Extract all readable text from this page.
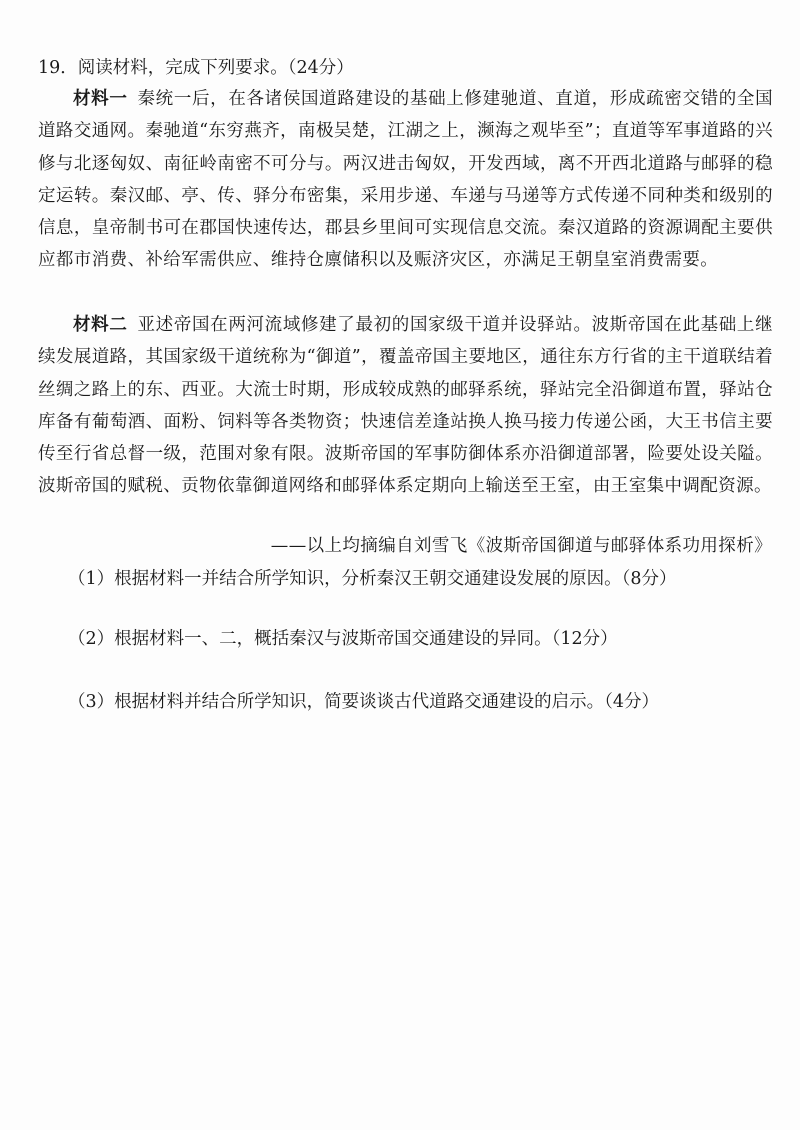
19．阅读材料，完成下列要求。（24分）
材料一 秦统一后，在各诸侯国道路建设的基础上修建驰道、直道，形成疏密交错的全国道路交通网。秦驰道“东穷燕齐，南极吴楚，江湖之上，濒海之观毕至”；直道等军事道路的兴修与北逐匈奴、南征岭南密不可分与。两汉进击匈奴，开发西域，离不开西北道路与邮驿的稳定运转。秦汉邮、亭、传、驿分布密集，采用步递、车递与马递等方式传递不同种类和级别的信息，皇帝制书可在郡国快速传达，郡县乡里间可实现信息交流。秦汉道路的资源调配主要供应都市消费、补给军需供应、维持仓廪储积以及赈济灾区，亦满足王朝皇室消费需要。
材料二 亚述帝国在两河流域修建了最初的国家级干道并设驿站。波斯帝国在此基础上继续发展道路，其国家级干道统称为“御道”，覆盖帝国主要地区，通往东方行省的主干道联结着丝绸之路上的东、西亚。大流士时期，形成较成熟的邮驿系统，驿站完全沿御道布置，驿站仓库备有葡萄酒、面粉、饲料等各类物资；快速信差逢站换人换马接力传递公函，大王书信主要传至行省总督一级，范围对象有限。波斯帝国的军事防御体系亦沿御道部署，险要处设关隘。波斯帝国的赋税、贡物依靠御道网络和邮驿体系定期向上输送至王室，由王室集中调配资源。
——以上均摘编自刘雪飞《波斯帝国御道与邮驿体系功用探析》
（1）根据材料一并结合所学知识，分析秦汉王朝交通建设发展的原因。（8分）
（2）根据材料一、二，概括秦汉与波斯帝国交通建设的异同。（12分）
（3）根据材料并结合所学知识，简要谈谈古代道路交通建设的启示。（4分）
